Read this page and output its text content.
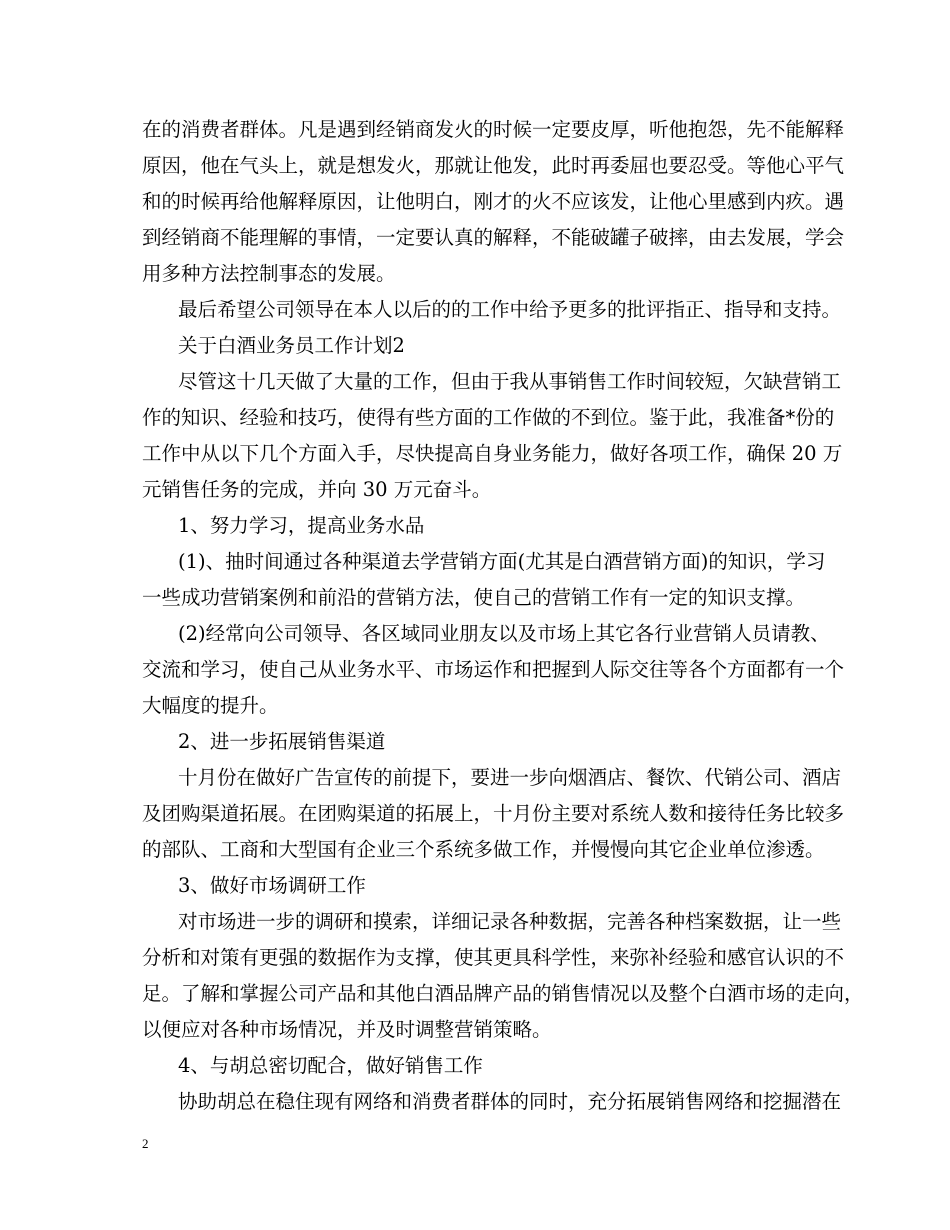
在的消费者群体。凡是遇到经销商发火的时候一定要皮厚，听他抱怨，先不能解释
原因，他在气头上，就是想发火，那就让他发，此时再委屈也要忍受。等他心平气
和的时候再给他解释原因，让他明白，刚才的火不应该发，让他心里感到内疚。遇
到经销商不能理解的事情，一定要认真的解释，不能破罐子破摔，由去发展，学会
用多种方法控制事态的发展。
最后希望公司领导在本人以后的的工作中给予更多的批评指正、指导和支持。
关于白酒业务员工作计划2
尽管这十几天做了大量的工作，但由于我从事销售工作时间较短，欠缺营销工
作的知识、经验和技巧，使得有些方面的工作做的不到位。鉴于此，我准备*份的
工作中从以下几个方面入手，尽快提高自身业务能力，做好各项工作，确保 20 万
元销售任务的完成，并向 30 万元奋斗。
1、努力学习，提高业务水品
(1)、抽时间通过各种渠道去学营销方面(尤其是白酒营销方面)的知识，学习
一些成功营销案例和前沿的营销方法，使自己的营销工作有一定的知识支撑。
(2)经常向公司领导、各区域同业朋友以及市场上其它各行业营销人员请教、
交流和学习，使自己从业务水平、市场运作和把握到人际交往等各个方面都有一个
大幅度的提升。
2、进一步拓展销售渠道
十月份在做好广告宣传的前提下，要进一步向烟酒店、餐饮、代销公司、酒店
及团购渠道拓展。在团购渠道的拓展上，十月份主要对系统人数和接待任务比较多
的部队、工商和大型国有企业三个系统多做工作，并慢慢向其它企业单位渗透。
3、做好市场调研工作
对市场进一步的调研和摸索，详细记录各种数据，完善各种档案数据，让一些
分析和对策有更强的数据作为支撑，使其更具科学性，来弥补经验和感官认识的不
足。了解和掌握公司产品和其他白酒品牌产品的销售情况以及整个白酒市场的走向，
以便应对各种市场情况，并及时调整营销策略。
4、与胡总密切配合，做好销售工作
协助胡总在稳住现有网络和消费者群体的同时，充分拓展销售网络和挖掘潜在
2
